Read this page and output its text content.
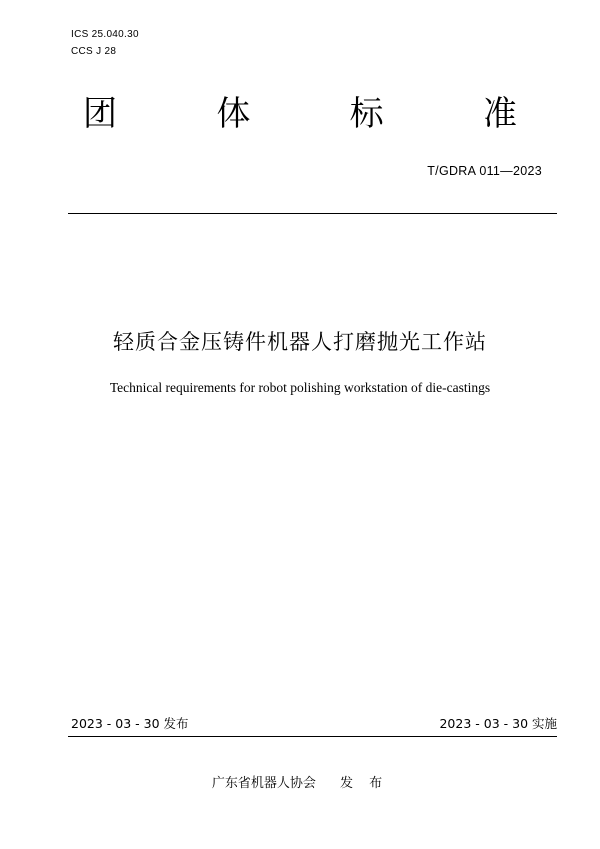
ICS 25.040.30

CCS J 28

团	体	标	准

T/GDRA 011—2023

轻质合金压铸件机器人打磨抛光工作站

Technical requirements for robot polishing workstation of die-castings

2023 - 03 - 30 发布	2023 - 03 - 30 实施

广东省机器人协会 发 布
